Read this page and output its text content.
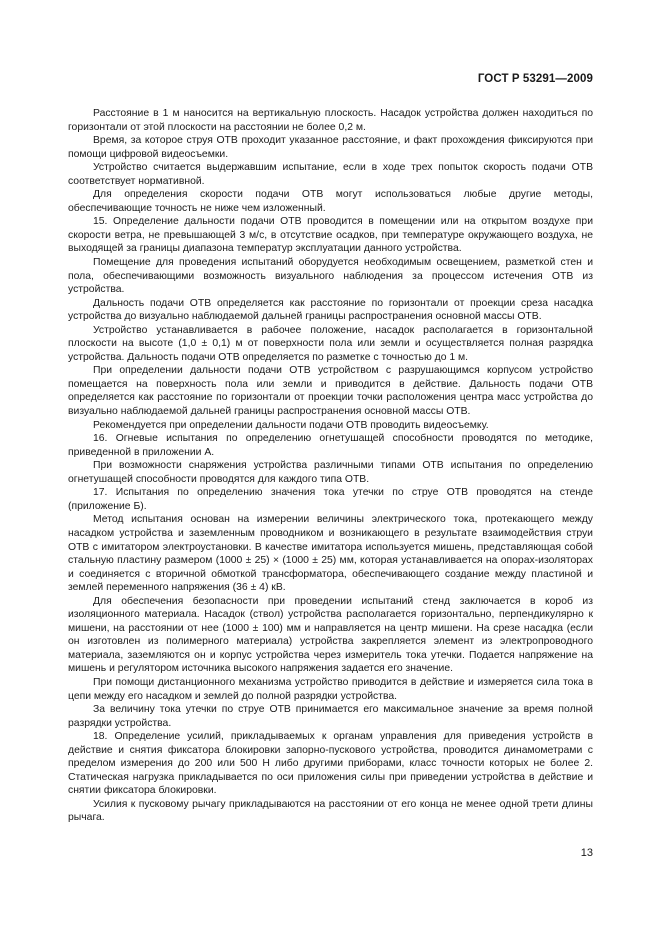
ГОСТ Р 53291—2009

Расстояние в 1 м наносится на вертикальную плоскость. Насадок устройства должен находиться по горизонтали от этой плоскости на расстоянии не более 0,2 м.

Время, за которое струя ОТВ проходит указанное расстояние, и факт прохождения фиксируются при помощи цифровой видеосъемки.

Устройство считается выдержавшим испытание, если в ходе трех попыток скорость подачи ОТВ соответствует нормативной.

Для определения скорости подачи ОТВ могут использоваться любые другие методы, обеспечивающие точность не ниже чем изложенный.

15. Определение дальности подачи ОТВ проводится в помещении или на открытом воздухе при скорости ветра, не превышающей 3 м/с, в отсутствие осадков, при температуре окружающего воздуха, не выходящей за границы диапазона температур эксплуатации данного устройства.

Помещение для проведения испытаний оборудуется необходимым освещением, разметкой стен и пола, обеспечивающими возможность визуального наблюдения за процессом истечения ОТВ из устройства.

Дальность подачи ОТВ определяется как расстояние по горизонтали от проекции среза насадка устройства до визуально наблюдаемой дальней границы распространения основной массы ОТВ.

Устройство устанавливается в рабочее положение, насадок располагается в горизонтальной плоскости на высоте (1,0 ± 0,1) м от поверхности пола или земли и осуществляется полная разрядка устройства. Дальность подачи ОТВ определяется по разметке с точностью до 1 м.

При определении дальности подачи ОТВ устройством с разрушающимся корпусом устройство помещается на поверхность пола или земли и приводится в действие. Дальность подачи ОТВ определяется как расстояние по горизонтали от проекции точки расположения центра масс устройства до визуально наблюдаемой дальней границы распространения основной массы ОТВ.

Рекомендуется при определении дальности подачи ОТВ проводить видеосъемку.

16. Огневые испытания по определению огнетушащей способности проводятся по методике, приведенной в приложении А.

При возможности снаряжения устройства различными типами ОТВ испытания по определению огнетушащей способности проводятся для каждого типа ОТВ.

17. Испытания по определению значения тока утечки по струе ОТВ проводятся на стенде (приложение Б).

Метод испытания основан на измерении величины электрического тока, протекающего между насадком устройства и заземленным проводником и возникающего в результате взаимодействия струи ОТВ с имитатором электроустановки. В качестве имитатора используется мишень, представляющая собой стальную пластину размером (1000 ± 25) × (1000 ± 25) мм, которая устанавливается на опорах-изоляторах и соединяется с вторичной обмоткой трансформатора, обеспечивающего создание между пластиной и землей переменного напряжения (36 ± 4) кВ.

Для обеспечения безопасности при проведении испытаний стенд заключается в короб из изоляционного материала. Насадок (ствол) устройства располагается горизонтально, перпендикулярно к мишени, на расстоянии от нее (1000 ± 100) мм и направляется на центр мишени. На срезе насадка (если он изготовлен из полимерного материала) устройства закрепляется элемент из электропроводного материала, заземляются он и корпус устройства через измеритель тока утечки. Подается напряжение на мишень и регулятором источника высокого напряжения задается его значение.

При помощи дистанционного механизма устройство приводится в действие и измеряется сила тока в цепи между его насадком и землей до полной разрядки устройства.

За величину тока утечки по струе ОТВ принимается его максимальное значение за время полной разрядки устройства.

18. Определение усилий, прикладываемых к органам управления для приведения устройств в действие и снятия фиксатора блокировки запорно-пускового устройства, проводится динамометрами с пределом измерения до 200 или 500 Н либо другими приборами, класс точности которых не более 2. Статическая нагрузка прикладывается по оси приложения силы при приведении устройства в действие и снятии фиксатора блокировки.

Усилия к пусковому рычагу прикладываются на расстоянии от его конца не менее одной трети длины рычага.

13
